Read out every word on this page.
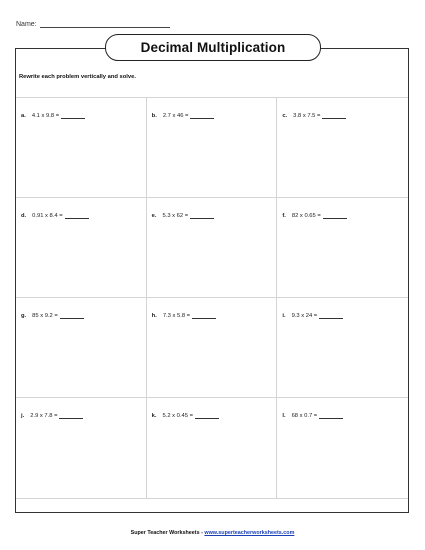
Name:
Decimal Multiplication
Rewrite each problem vertically and solve.
a. 4.1 x 9.8 =	b. 2.7 x 46 =	c. 3.8 x 7.5 =
d. 0.91 x 8.4 =	e. 5.3 x 62 =	f. 82 x 0.65 =
g. 85 x 9.2 =	h. 7.3 x 5.8 =	i. 9.3 x 24 =
j. 2.9 x 7.8 =	k. 5.2 x 0.45 =	l. 68 x 0.7 =
Super Teacher Worksheets - www.superteacherworksheets.com
